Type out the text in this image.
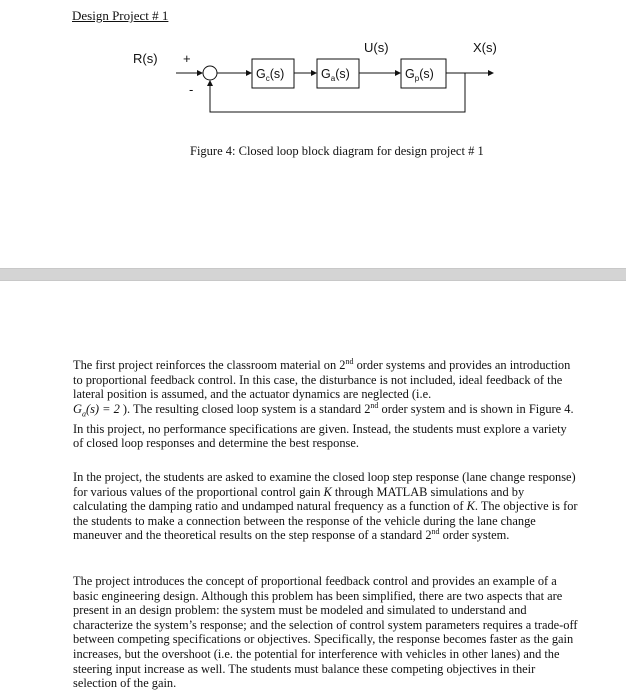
Design Project # 1
R(s) +
-
$G_c(s)$	$G_a(s)$
U(s)
$G_p(s)$
X(s)
Figure 4: Closed loop block diagram for design project # 1

The first project reinforces the classroom material on 2nd order systems and provides an introduction to proportional feedback control. In this case, the disturbance is not included, ideal feedback of the lateral position is assumed, and the actuator dynamics are neglected (i.e.
$G_a(s) = 2$ ). The resulting closed loop system is a standard 2nd order system and is shown in Figure 4. In this project, no performance specifications are given. Instead, the students must explore a variety of closed loop responses and determine the best response.

In the project, the students are asked to examine the closed loop step response (lane change response) for various values of the proportional control gain K through MATLAB simulations and by calculating the damping ratio and undamped natural frequency as a function of K. The objective is for the students to make a connection between the response of the vehicle during the lane change maneuver and the theoretical results on the step response of a standard 2nd order system.

The project introduces the concept of proportional feedback control and provides an example of a basic engineering design. Although this problem has been simplified, there are two aspects that are present in an design problem: the system must be modeled and simulated to understand and characterize the system’s response; and the selection of control system parameters requires a trade-off between competing specifications or objectives. Specifically, the response becomes faster as the gain increases, but the overshoot (i.e. the potential for interference with vehicles in other lanes) and the steering input increase as well. The students must balance these competing objectives in their selection of the gain.
